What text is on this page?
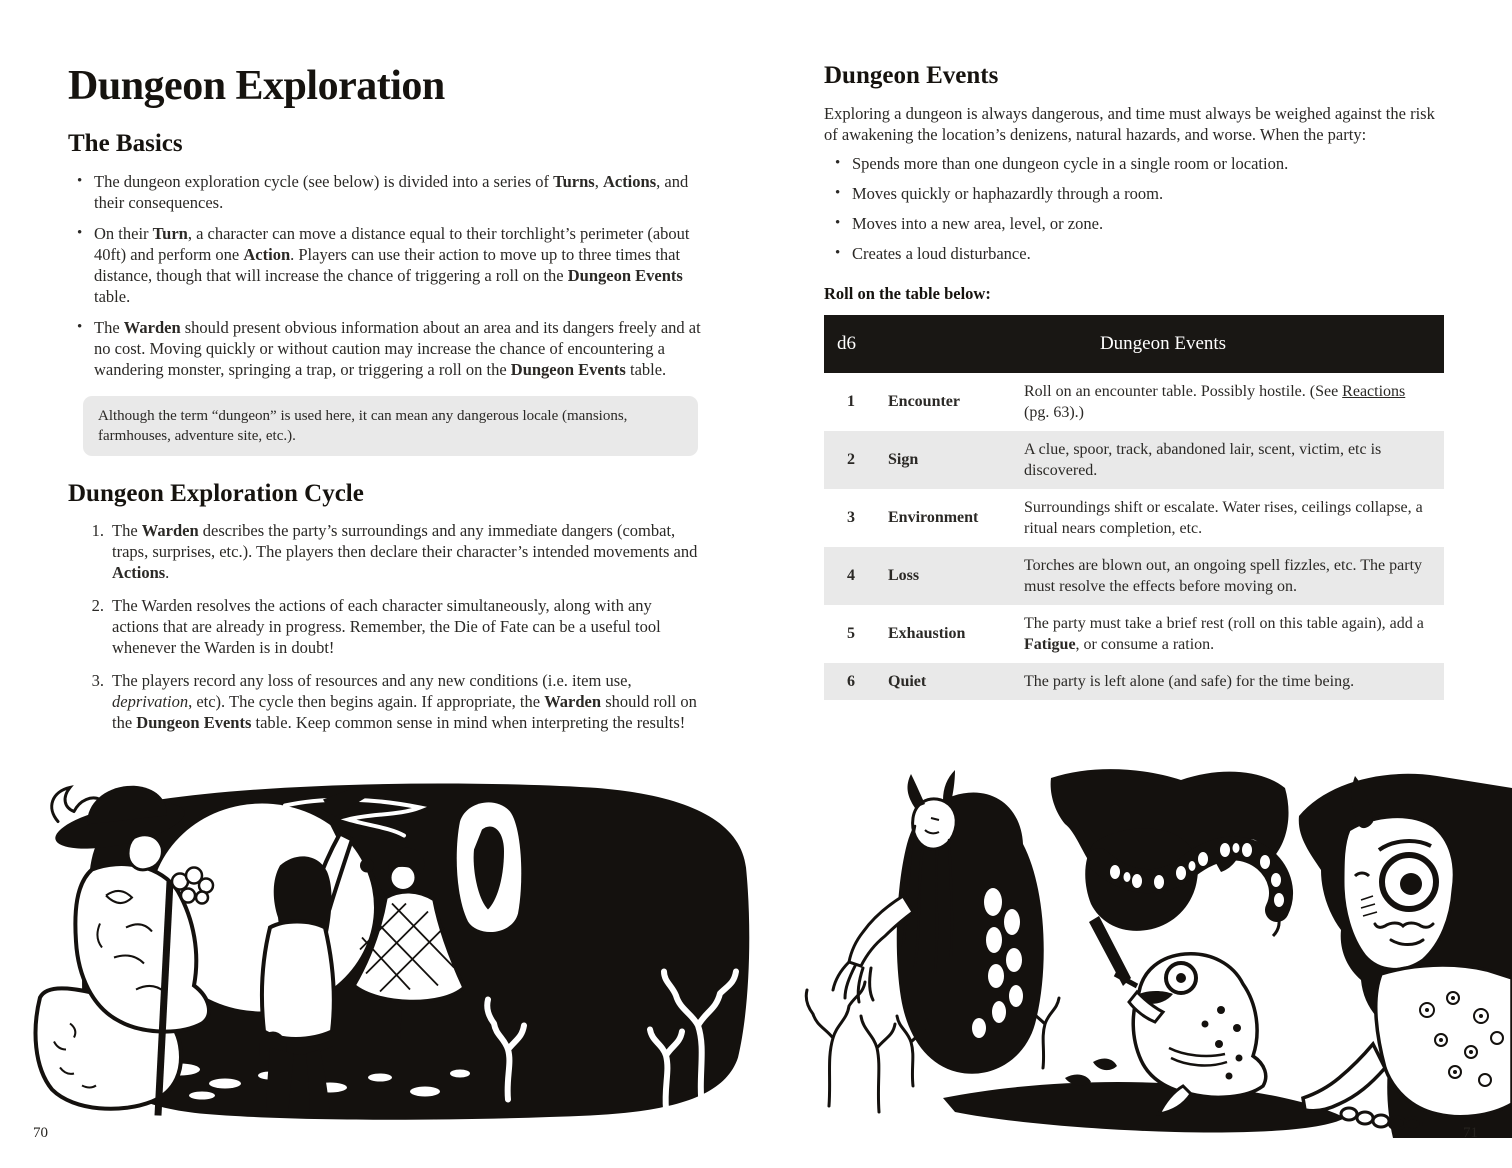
Dungeon Exploration
The Basics
• The dungeon exploration cycle (see below) is divided into a series of Turns, Actions, and their consequences.
• On their Turn, a character can move a distance equal to their torchlight’s perimeter (about 40ft) and perform one Action. Players can use their action to move up to three times that distance, though that will increase the chance of triggering a roll on the Dungeon Events table.
• The Warden should present obvious information about an area and its dangers freely and at no cost. Moving quickly or without caution may increase the chance of encountering a wandering monster, springing a trap, or triggering a roll on the Dungeon Events table.
Although the term “dungeon” is used here, it can mean any dangerous locale (mansions, farmhouses, adventure site, etc.).
Dungeon Exploration Cycle
1. The Warden describes the party’s surroundings and any immediate dangers (combat, traps, surprises, etc.). The players then declare their character’s intended movements and Actions.
2. The Warden resolves the actions of each character simultaneously, along with any actions that are already in progress. Remember, the Die of Fate can be a useful tool whenever the Warden is in doubt!
3. The players record any loss of resources and any new conditions (i.e. item use, deprivation, etc). The cycle then begins again. If appropriate, the Warden should roll on the Dungeon Events table. Keep common sense in mind when interpreting the results!
70
Dungeon Events

Exploring a dungeon is always dangerous, and time must always be weighed against the risk of awakening the location’s denizens, natural hazards, and worse. When the party:

• Spends more than one dungeon cycle in a single room or location.
• Moves quickly or haphazardly through a room.
• Moves into a new area, level, or zone.
• Creates a loud disturbance.
Roll on the table below:
d6	Dungeon Events	
1	Encounter	Roll on an encounter table. Possibly hostile. (See Reactions (pg. 63).)
2	Sign	A clue, spoor, track, abandoned lair, scent, victim, etc is discovered.
3	Environment	Surroundings shift or escalate. Water rises, ceilings collapse, a ritual nears completion, etc.
4	Loss	Torches are blown out, an ongoing spell fizzles, etc. The party must resolve the effects before moving on.
5	Exhaustion	The party must take a brief rest (roll on this table again), add a Fatigue, or consume a ration.
6	Quiet	The party is left alone (and safe) for the time being.
71
